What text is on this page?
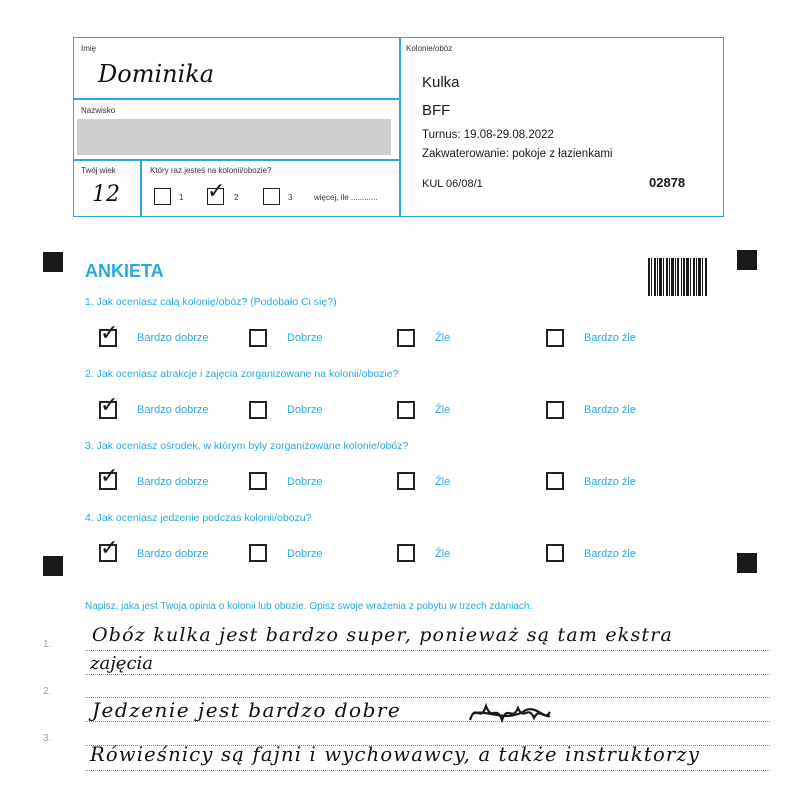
Imię
Dominika
Nazwisko
Twój wiek
12
Który raz jesteś na kolonii/obozie?
1 ✓ 2	3	więcej, ile ............
Kolonie/obóz
Kulka
BFF
Turnus: 19.08-29.08.2022
Zakwaterowanie: pokoje z łazienkami
KUL 06/08/1	02878
ANKIETA
1. Jak oceniasz całą kolonię/obóz? (Podobało Ci się?)
✓ Bardzo dobrze	Dobrze	Źle	Bardzo źle
2. Jak oceniasz atrakcje i zajęcia zorganizowane na kolonii/obozie?
✓ Bardzo dobrze	Dobrze	Źle	Bardzo źle
3. Jak oceniasz ośrodek, w którym były zorganizowane kolonie/obóz?
✓ Bardzo dobrze	Dobrze	Źle	Bardzo źle
4. Jak oceniasz jedzenie podczas kolonii/obozu?
✓ Bardzo dobrze	Dobrze	Źle	Bardzo źle
Napisz, jaka jest Twoja opinia o kolonii lub obozie. Opisz swoje wrażenia z pobytu w trzech zdaniach.
1.
2.
3.
Obóz kulka jest bardzo super, ponieważ są tam ekstra
zajęcia
Jedzenie jest bardzo dobre
Rówieśnicy są fajni i wychowawcy, a także instruktorzy
